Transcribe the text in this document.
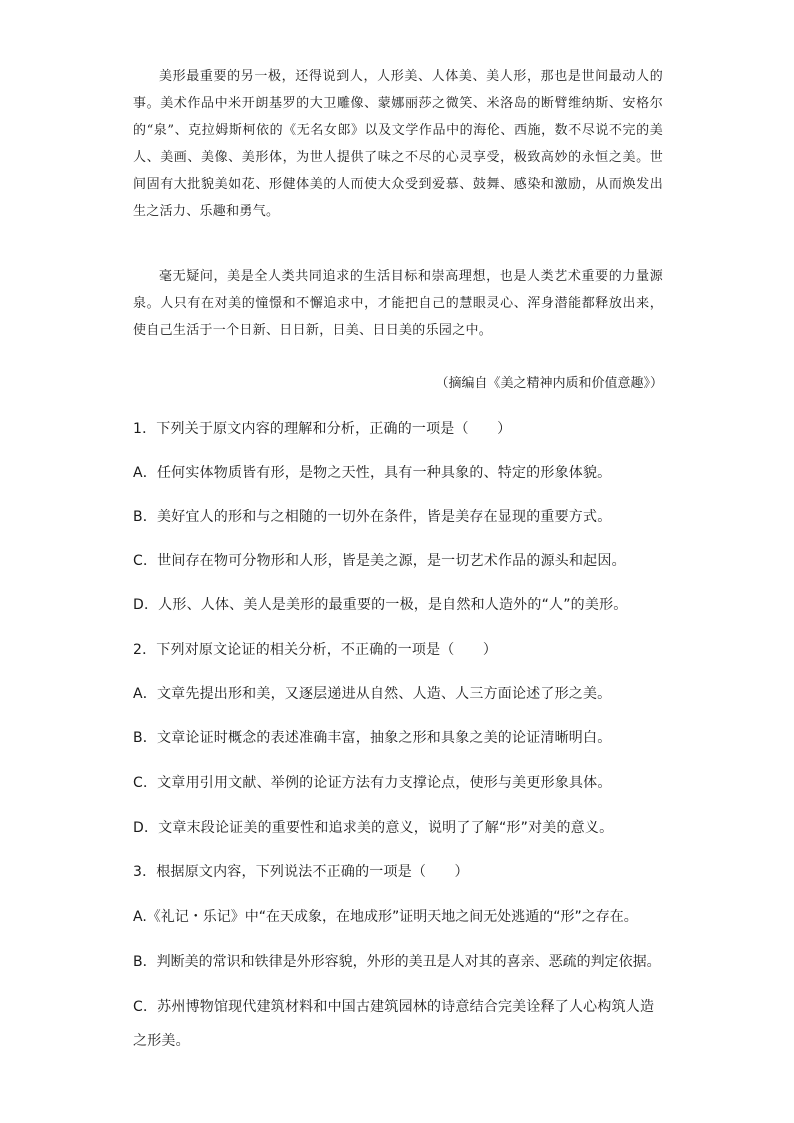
美形最重要的另一极，还得说到人，人形美、人体美、美人形，那也是世间最动人的事。美术作品中米开朗基罗的大卫雕像、蒙娜丽莎之微笑、米洛岛的断臂维纳斯、安格尔的“泉”、克拉姆斯柯依的《无名女郎》以及文学作品中的海伦、西施，数不尽说不完的美人、美画、美像、美形体，为世人提供了味之不尽的心灵享受，极致高妙的永恒之美。世间固有大批貌美如花、形健体美的人而使大众受到爱慕、鼓舞、感染和激励，从而焕发出生之活力、乐趣和勇气。

毫无疑问，美是全人类共同追求的生活目标和崇高理想，也是人类艺术重要的力量源泉。人只有在对美的憧憬和不懈追求中，才能把自己的慧眼灵心、浑身潜能都释放出来，使自己生活于一个日新、日日新，日美、日日美的乐园之中。

（摘编自《美之精神内质和价值意趣》）

1．下列关于原文内容的理解和分析，正确的一项是（　　）

A．任何实体物质皆有形，是物之天性，具有一种具象的、特定的形象体貌。

B．美好宜人的形和与之相随的一切外在条件，皆是美存在显现的重要方式。

C．世间存在物可分物形和人形，皆是美之源，是一切艺术作品的源头和起因。

D．人形、人体、美人是美形的最重要的一极，是自然和人造外的“人”的美形。

2．下列对原文论证的相关分析，不正确的一项是（　　）

A．文章先提出形和美，又逐层递进从自然、人造、人三方面论述了形之美。

B．文章论证时概念的表述准确丰富，抽象之形和具象之美的论证清晰明白。

C．文章用引用文献、举例的论证方法有力支撑论点，使形与美更形象具体。

D．文章末段论证美的重要性和追求美的意义，说明了了解“形”对美的意义。

3．根据原文内容，下列说法不正确的一项是（　　）

A.《礼记・乐记》中“在天成象，在地成形”证明天地之间无处逃遁的“形”之存在。

B．判断美的常识和铁律是外形容貌，外形的美丑是人对其的喜亲、恶疏的判定依据。

C．苏州博物馆现代建筑材料和中国古建筑园林的诗意结合完美诠释了人心构筑人造之形美。
